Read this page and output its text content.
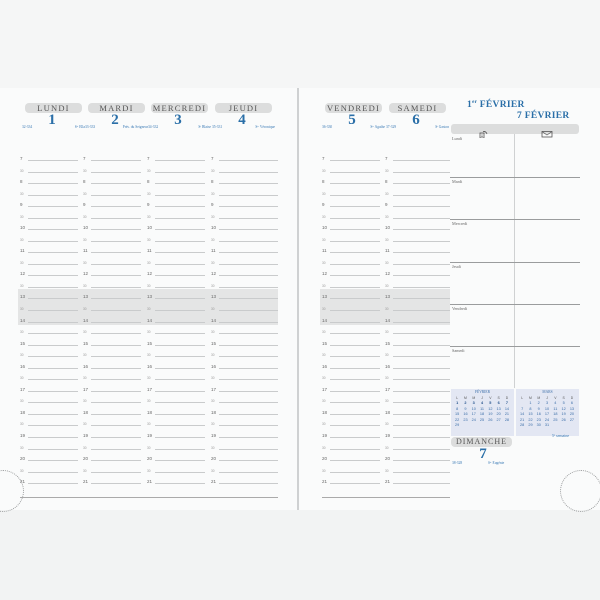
LUNDI
1
32-334	Sᵗᵉ Ella
MARDI
2
33-333	Prés. du Seigneur
MERCREDI
3
34-332	Sᵗ Blaise
JEUDI
4
35-331	Sᵗᵉ Véronique
VENDREDI
5
36-330	Sᵗᵉ Agathe
SAMEDI
6
37-329	Sᵗ Gaston
7
30
8
30
9
30
10
30
11
30
12
30
13
30
14
30
15
30
16
30
17
30
18
30
19
30
20
30
21
7
30
8
30
9
30
10
30
11
30
12
30
13
30
14
30
15
30
16
30
17
30
18
30
19
30
20
30
21
7
30
8
30
9
30
10
30
11
30
12
30
13
30
14
30
15
30
16
30
17
30
18
30
19
30
20
30
21
7
30
8
30
9
30
10
30
11
30
12
30
13
30
14
30
15
30
16
30
17
30
18
30
19
30
20
30
21
7
30
8
30
9
30
10
30
11
30
12
30
13
30
14
30
15
30
16
30
17
30
18
30
19
30
20
30
21
7
30
8
30
9
30
10
30
11
30
12
30
13
30
14
30
15
30
16
30
17
30
18
30
19
30
20
30
21
1er FÉVRIER
7 FÉVRIER
Lundi
Mardi
Mercredi
Jeudi
Vendredi
Samedi
FÉVRIER
L	M	M	J	V	S	D
1	2	3	4	5	6	7
8	9	10	11	12	13	14
15	16	17	18	19	20	21
22	23	24	25	26	27	28
29						
MARS
L	M	M	J	V	S	D
	1	2	3	4	5	6
7	8	9	10	11	12	13
14	15	16	17	18	19	20
21	22	23	24	25	26	27
28	29	30	31			
DIMANCHE
7
38-328	Sᵗᵉ Eugénie
5ᵉ semaine
